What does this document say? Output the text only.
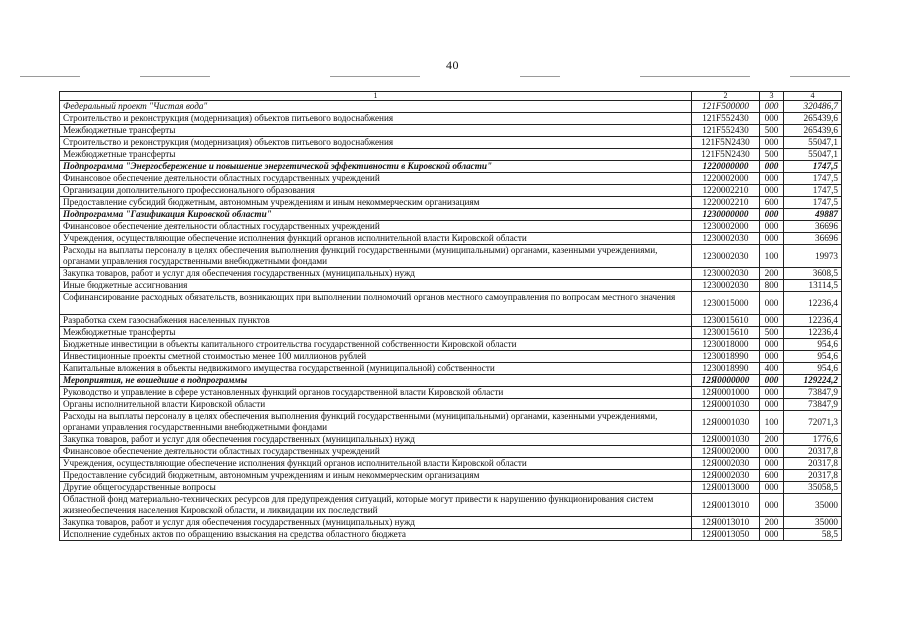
40
1	2	3	4
Федеральный проект "Чистая вода"	121F500000	000	320486,7
Строительство и реконструкция (модернизация) объектов питьевого водоснабжения	121F552430	000	265439,6
Межбюджетные трансферты	121F552430	500	265439,6
Строительство и реконструкция (модернизация) объектов питьевого водоснабжения	121F5N2430	000	55047,1
Межбюджетные трансферты	121F5N2430	500	55047,1
Подпрограмма "Энергосбережение и повышение энергетической эффективности в Кировской области"	1220000000	000	1747,5
Финансовое обеспечение деятельности областных государственных учреждений	1220002000	000	1747,5
Организации дополнительного профессионального образования	1220002210	000	1747,5
Предоставление субсидий бюджетным, автономным учреждениям и иным некоммерческим организациям	1220002210	600	1747,5
Подпрограмма "Газификация Кировской области"	1230000000	000	49887
Финансовое обеспечение деятельности областных государственных учреждений	1230002000	000	36696
Учреждения, осуществляющие обеспечение исполнения функций органов исполнительной власти Кировской области	1230002030	000	36696
Расходы на выплаты персоналу в целях обеспечения выполнения функций государственными (муниципальными) органами, казенными учреждениями, органами управления государственными внебюджетными фондами	1230002030	100	19973
Закупка товаров, работ и услуг для обеспечения государственных (муниципальных) нужд	1230002030	200	3608,5
Иные бюджетные ассигнования	1230002030	800	13114,5
Софинансирование расходных обязательств, возникающих при выполнении полномочий органов местного самоуправления по вопросам местного значения	1230015000	000	12236,4
Разработка схем газоснабжения населенных пунктов	1230015610	000	12236,4
Межбюджетные трансферты	1230015610	500	12236,4
Бюджетные инвестиции в объекты капитального строительства государственной собственности Кировской области	1230018000	000	954,6
Инвестиционные проекты сметной стоимостью менее 100 миллионов рублей	1230018990	000	954,6
Капитальные вложения в объекты недвижимого имущества государственной (муниципальной) собственности	1230018990	400	954,6
Мероприятия, не вошедшие в подпрограммы	12Я0000000	000	129224,2
Руководство и управление в сфере установленных функций органов государственной власти Кировской области	12Я0001000	000	73847,9
Органы исполнительной власти Кировской области	12Я0001030	000	73847,9
Расходы на выплаты персоналу в целях обеспечения выполнения функций государственными (муниципальными) органами, казенными учреждениями, органами управления государственными внебюджетными фондами	12Я0001030	100	72071,3
Закупка товаров, работ и услуг для обеспечения государственных (муниципальных) нужд	12Я0001030	200	1776,6
Финансовое обеспечение деятельности областных государственных учреждений	12Я0002000	000	20317,8
Учреждения, осуществляющие обеспечение исполнения функций органов исполнительной власти Кировской области	12Я0002030	000	20317,8
Предоставление субсидий бюджетным, автономным учреждениям и иным некоммерческим организациям	12Я0002030	600	20317,8
Другие общегосударственные вопросы	12Я0013000	000	35058,5
Областной фонд материально-технических ресурсов для предупреждения ситуаций, которые могут привести к нарушению функционирования систем жизнеобеспечения населения Кировской области, и ликвидации их последствий	12Я0013010	000	35000
Закупка товаров, работ и услуг для обеспечения государственных (муниципальных) нужд	12Я0013010	200	35000
Исполнение судебных актов по обращению взыскания на средства областного бюджета	12Я0013050	000	58,5
